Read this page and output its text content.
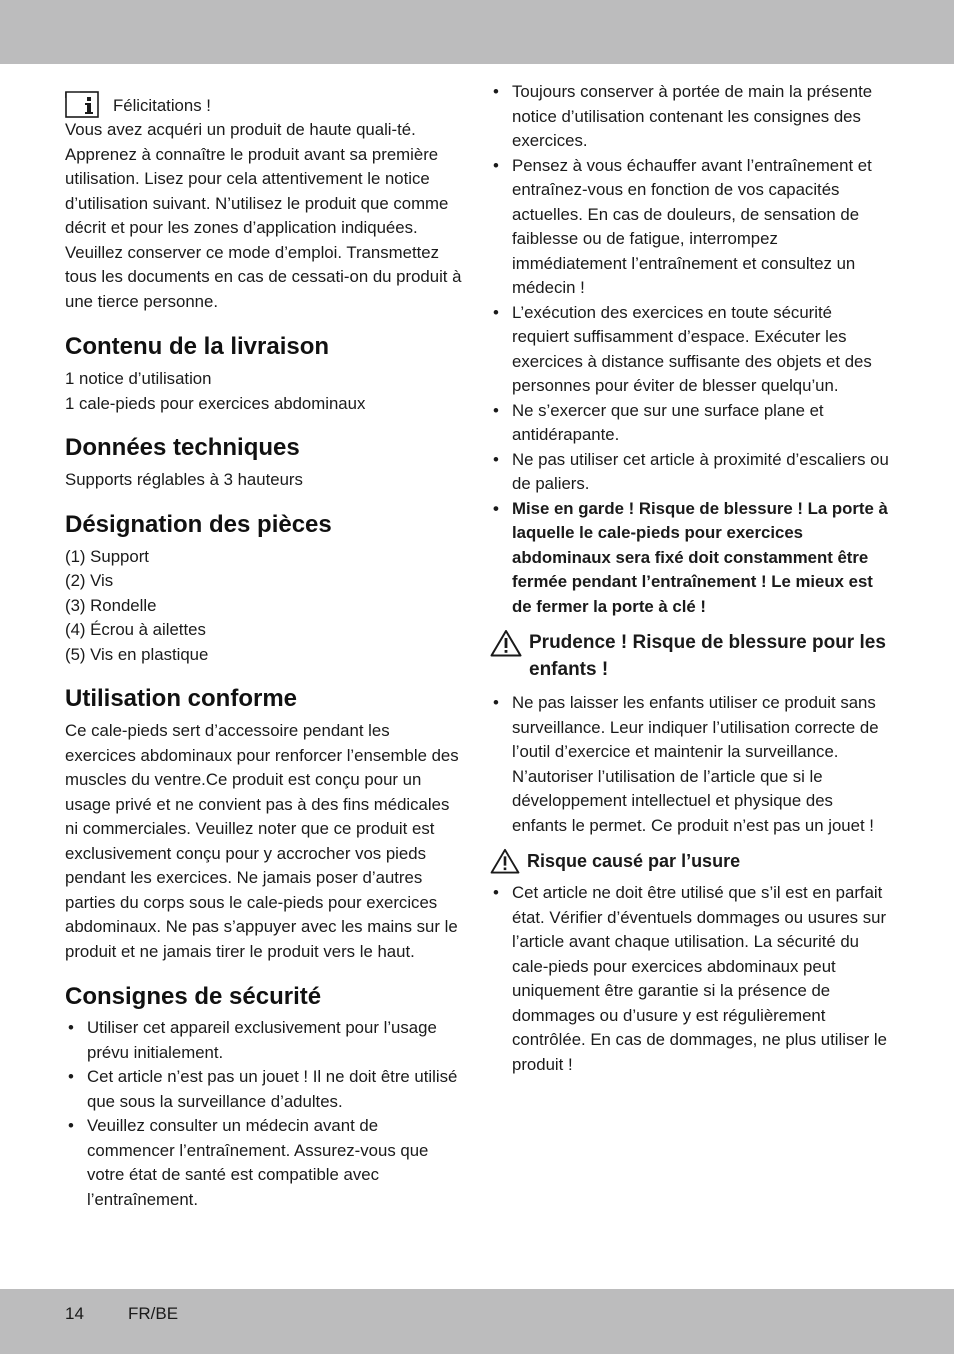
Félicitations !

Vous avez acquéri un produit de haute quali-té. Apprenez à connaître le produit avant sa première utilisation. Lisez pour cela attentivement le notice d’utilisation suivant. N’utilisez le produit que comme décrit et pour les zones d’application indiquées. Veuillez conserver ce mode d’emploi. Transmettez tous les documents en cas de cessati-on du produit à une tierce personne.

Contenu de la livraison

1 notice d’utilisation

1 cale-pieds pour exercices abdominaux

Données techniques

Supports réglables à 3 hauteurs

Désignation des pièces

(1) Support

(2) Vis

(3) Rondelle

(4) Écrou à ailettes

(5) Vis en plastique

Utilisation conforme

Ce cale-pieds sert d’accessoire pendant les exercices abdominaux pour renforcer l’ensemble des muscles du ventre.Ce produit est conçu pour un usage privé et ne convient pas à des fins médicales ni commerciales. Veuillez noter que ce produit est exclusivement conçu pour y accrocher vos pieds pendant les exercices. Ne jamais poser d’autres parties du corps sous le cale-pieds pour exercices abdominaux. Ne pas s’appuyer avec les mains sur le produit et ne jamais tirer le produit vers le haut.

Consignes de sécurité
• Utiliser cet appareil exclusivement pour l’usage prévu initialement.
• Cet article n’est pas un jouet ! Il ne doit être utilisé que sous la surveillance d’adultes.
• Veuillez consulter un médecin avant de commencer l’entraînement. Assurez-vous que votre état de santé est compatible avec l’entraînement.
• Toujours conserver à portée de main la présente notice d’utilisation contenant les consignes des exercices.
• Pensez à vous échauffer avant l’entraînement et entraînez-vous en fonction de vos capacités actuelles. En cas de douleurs, de sensation de faiblesse ou de fatigue, interrompez immédiatement l’entraînement et consultez un médecin !
• L’exécution des exercices en toute sécurité requiert suffisamment d’espace. Exécuter les exercices à distance suffisante des objets et des personnes pour éviter de blesser quelqu’un.
• Ne s’exercer que sur une surface plane et antidérapante.
• Ne pas utiliser cet article à proximité d’escaliers ou de paliers.
• Mise en garde ! Risque de blessure ! La porte à laquelle le cale-pieds pour exercices abdominaux sera fixé doit constamment être fermée pendant l’entraînement ! Le mieux est de fermer la porte à clé !
Prudence ! Risque de blessure pour les enfants !
• Ne pas laisser les enfants utiliser ce produit sans surveillance. Leur indiquer l’utilisation correcte de l’outil d’exercice et maintenir la surveillance. N’autoriser l’utilisation de l’article que si le développement intellectuel et physique des enfants le permet. Ce produit n’est pas un jouet !
Risque causé par l’usure
• Cet article ne doit être utilisé que s’il est en parfait état. Vérifier d’éventuels dommages ou usures sur l’article avant chaque utilisation. La sécurité du cale-pieds pour exercices abdominaux peut uniquement être garantie si la présence de dommages ou d’usure y est régulièrement contrôlée. En cas de dommages, ne plus utiliser le produit !
14	FR/BE
